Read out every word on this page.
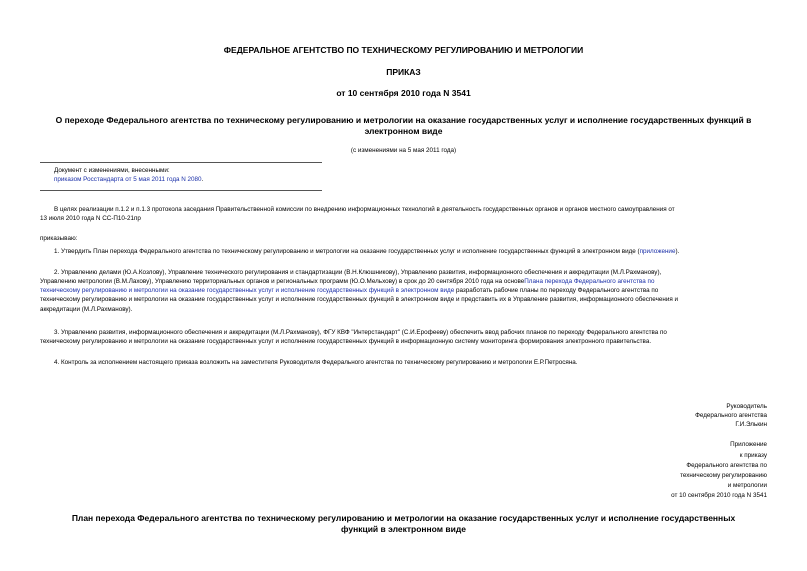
ФЕДЕРАЛЬНОЕ АГЕНТСТВО ПО ТЕХНИЧЕСКОМУ РЕГУЛИРОВАНИЮ И МЕТРОЛОГИИ
ПРИКАЗ
от 10 сентября 2010 года N 3541
О переходе Федерального агентства по техническому регулированию и метрологии на оказание государственных услуг и исполнение государственных функций в
электронном виде
(с изменениями на 5 мая 2011 года)
Документ с изменениями, внесенными:
приказом Росстандарта от 5 мая 2011 года N 2080.
В целях реализации п.1.2 и п.1.3 протокола заседания Правительственной комиссии по внедрению информационных технологий в деятельность государственных органов и органов местного самоуправления от
13 июля 2010 года N СС-П10-21пр
приказываю:
1. Утвердить План перехода Федерального агентства по техническому регулированию и метрологии на оказание государственных услуг и исполнение государственных функций в электронном виде (приложение).
2. Управлению делами (Ю.А.Козлову), Управление технического регулирования и стандартизации (В.Н.Клюшникову), Управлению развития, информационного обеспечения и аккредитации (М.Л.Рахманову),
Управлению метрологии (В.М.Лахову), Управлению территориальных органов и региональных программ (Ю.О.Мельхову) в срок до 20 сентября 2010 года на основеПлана перехода Федерального агентства по
техническому регулированию и метрологии на оказание государственных услуг и исполнение государственных функций в электронном виде разработать рабочие планы по переходу Федерального агентства по
техническому регулированию и метрологии на оказание государственных услуг и исполнение государственных функций в электронном виде и представить их в Управление развития, информационного обеспечения и
аккредитации (М.Л.Рахманову).
3. Управлению развития, информационного обеспечения и аккредитации (М.Л.Рахманову), ФГУ КВФ "Интерстандарт" (С.И.Ерофееву) обеспечить ввод рабочих планов по переходу Федерального агентства по
техническому регулированию и метрологии на оказание государственных услуг и исполнение государственных функций в информационную систему мониторинга формирования электронного правительства.
4. Контроль за исполнением настоящего приказа возложить на заместителя Руководителя Федерального агентства по техническому регулированию и метрологии Е.Р.Петросяна.
Руководитель
Федерального агентства
Г.И.Элькин
Приложение
к приказу
Федерального агентства по
техническому регулированию
и метрологии
от 10 сентября 2010 года N 3541
План перехода Федерального агентства по техническому регулированию и метрологии на оказание государственных услуг и исполнение государственных
функций в электронном виде
